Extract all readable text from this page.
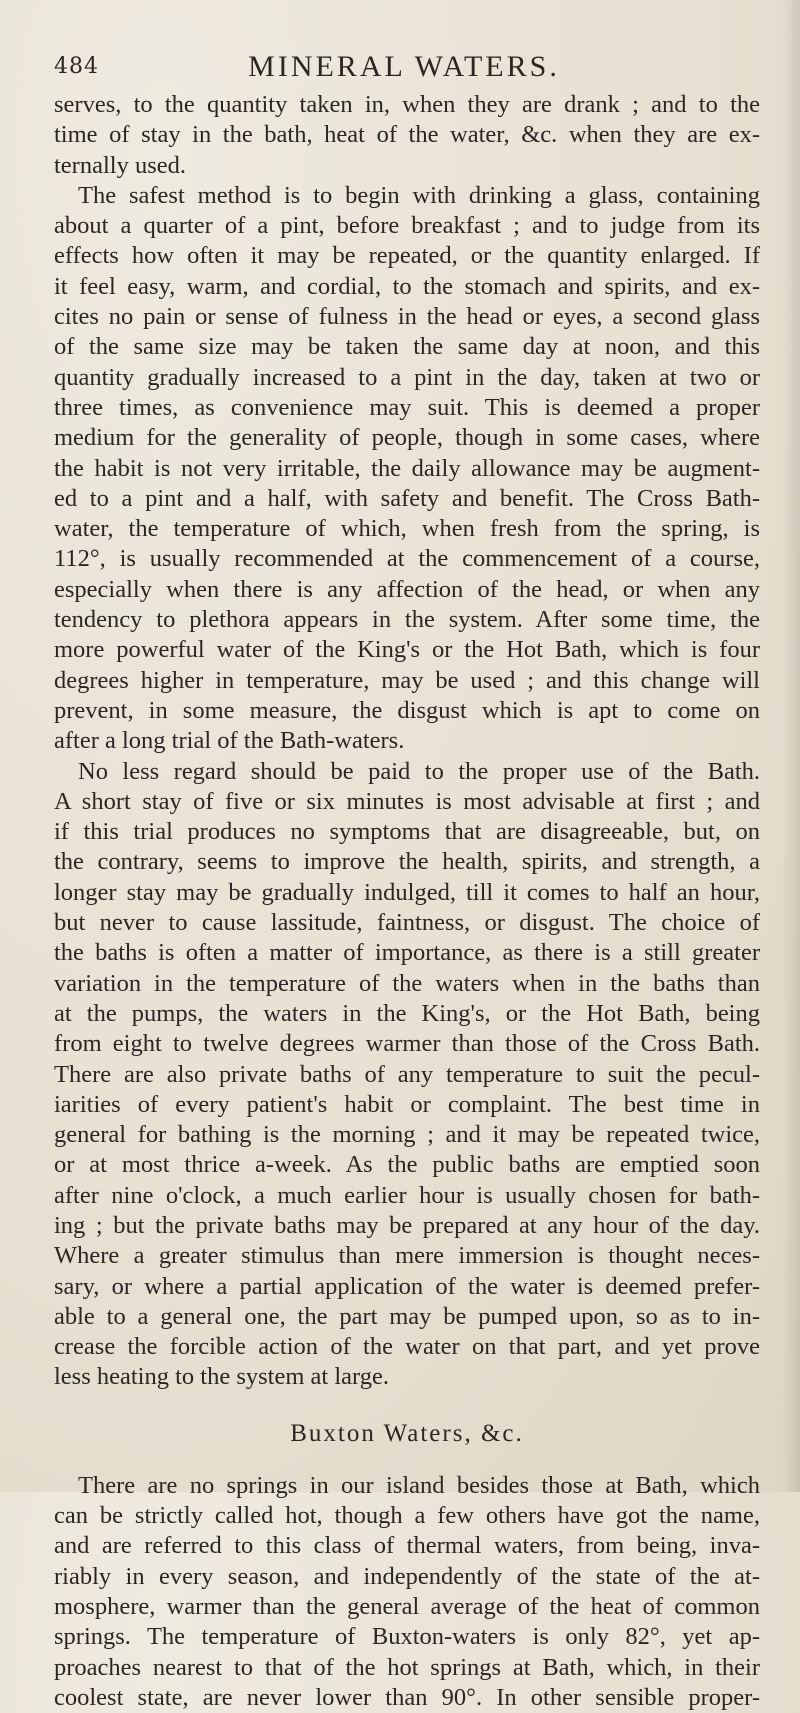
484	MINERAL WATERS.
serves, to the quantity taken in, when they are drank ; and to the
time of stay in the bath, heat of the water, &c. when they are ex-
ternally used.
The safest method is to begin with drinking a glass, containing
about a quarter of a pint, before breakfast ; and to judge from its
effects how often it may be repeated, or the quantity enlarged. If
it feel easy, warm, and cordial, to the stomach and spirits, and ex-
cites no pain or sense of fulness in the head or eyes, a second glass
of the same size may be taken the same day at noon, and this
quantity gradually increased to a pint in the day, taken at two or
three times, as convenience may suit. This is deemed a proper
medium for the generality of people, though in some cases, where
the habit is not very irritable, the daily allowance may be augment-
ed to a pint and a half, with safety and benefit. The Cross Bath-
water, the temperature of which, when fresh from the spring, is
112°, is usually recommended at the commencement of a course,
especially when there is any affection of the head, or when any
tendency to plethora appears in the system. After some time, the
more powerful water of the King's or the Hot Bath, which is four
degrees higher in temperature, may be used ; and this change will
prevent, in some measure, the disgust which is apt to come on
after a long trial of the Bath-waters.
No less regard should be paid to the proper use of the Bath.
A short stay of five or six minutes is most advisable at first ; and
if this trial produces no symptoms that are disagreeable, but, on
the contrary, seems to improve the health, spirits, and strength, a
longer stay may be gradually indulged, till it comes to half an hour,
but never to cause lassitude, faintness, or disgust. The choice of
the baths is often a matter of importance, as there is a still greater
variation in the temperature of the waters when in the baths than
at the pumps, the waters in the King's, or the Hot Bath, being
from eight to twelve degrees warmer than those of the Cross Bath.
There are also private baths of any temperature to suit the pecul-
iarities of every patient's habit or complaint. The best time in
general for bathing is the morning ; and it may be repeated twice,
or at most thrice a-week. As the public baths are emptied soon
after nine o'clock, a much earlier hour is usually chosen for bath-
ing ; but the private baths may be prepared at any hour of the day.
Where a greater stimulus than mere immersion is thought neces-
sary, or where a partial application of the water is deemed prefer-
able to a general one, the part may be pumped upon, so as to in-
crease the forcible action of the water on that part, and yet prove
less heating to the system at large.
Buxton Waters, &c.
There are no springs in our island besides those at Bath, which
can be strictly called hot, though a few others have got the name,
and are referred to this class of thermal waters, from being, inva-
riably in every season, and independently of the state of the at-
mosphere, warmer than the general average of the heat of common
springs. The temperature of Buxton-waters is only 82°, yet ap-
proaches nearest to that of the hot springs at Bath, which, in their
coolest state, are never lower than 90°. In other sensible proper-
